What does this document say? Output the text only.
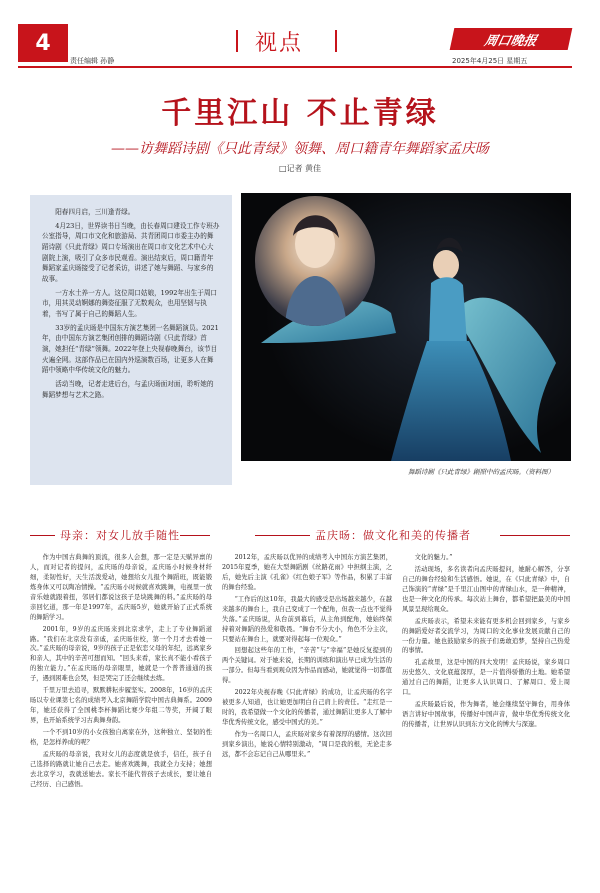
4
责任编辑 孙静
视点	周口晚报
2025年4月25日 星期五
千里江山 不止青绿
——访舞蹈诗剧《只此青绿》领舞、周口籍青年舞蹈家孟庆旸
□记者 黄佳

阳春四月启，三川逢青绿。

4月23日，世界读书日当晚，由长春周口建设工作专班办公室指导，周口市文化和旅游局、共青团周口市委主办的舞蹈诗剧《只此青绿》周口专场演出在周口市文化艺术中心大剧院上演，吸引了众多市民观看。演出结束后，周口籍青年舞蹈家孟庆旸接受了记者采访，讲述了她与舞蹈、与家乡的故事。

一方水土养一方人。这位周口姑娘，1992年出生于周口市，用其灵动婀娜的舞姿征服了无数观众，也用坚韧与执着，书写了属于自己的舞蹈人生。

33岁的孟庆旸是中国东方演艺集团一名舞蹈演员。2021年，由中国东方演艺集团创排的舞蹈诗剧《只此青绿》首演，她担任“青绿”领舞。2022年登上央视春晚舞台，该节目火遍全网。这部作品已在国内外巡演数百场，让更多人在舞蹈中领略中华传统文化的魅力。

活动当晚，记者走进后台，与孟庆旸面对面，聆听她的舞蹈梦想与艺术之路。

舞蹈诗剧《只此青绿》剧照中的孟庆旸。（资料图）
母亲：对女儿放手随性	孟庆旸：做文化和美的传播者

作为中国古典舞的顶流，很多人会想，那一定是天赋异禀的人，而对记者的提问，孟庆旸的母亲说，孟庆旸小时候身材纤细，柔韧性好，天生活泼爱动，她想给女儿报个舞蹈班，既能锻炼身体又可以陶冶情操。“孟庆旸小时候就喜欢跳舞，电视里一放音乐她就跟着扭，邻居们都说这孩子是块跳舞的料。”孟庆旸的母亲回忆道，那一年是1997年，孟庆旸5岁，她就开始了正式系统的舞蹈学习。

2001年，9岁的孟庆旸来到北京求学，走上了专业舞蹈道路。“我们在北京没有亲戚，孟庆旸住校，第一个月才去看她一次。”孟庆旸的母亲说，9岁的孩子正是依恋父母的年纪，远离家乡和亲人，其中的辛苦可想而知。“回头来看，家长真不能小看孩子的独立能力。”在孟庆旸的母亲眼里，她就是一个普普通通的孩子，遇到困难也会哭，但是哭完了还会继续去练。

千里万里去追寻，默默耕耘步履坚实。2008年，16岁的孟庆旸以专业课第七名的成绩考入北京舞蹈学院中国古典舞系。2009年，她还获得了全国桃李杯舞蹈比赛少年组二等奖，开阔了眼界，也开始系统学习古典舞身韵。

一个不到10岁的小女孩独自离家在外，这种独立、坚韧的性格，是怎样养成的呢？

孟庆旸的母亲说，我对女儿的态度就是放手，信任，孩子自己选择的路就让她自己去走。她喜欢跳舞，我就全力支持；她想去北京学习，我就送她去。家长不能代替孩子去成长，要让她自己经历、自己感悟。

2012年，孟庆旸以优异的成绩考入中国东方演艺集团，2015年夏季，她在大型舞蹈剧《丝路花雨》中担纲主演，之后，她先后主演《孔雀》《红色娘子军》等作品，积累了丰富的舞台经验。

“工作后的这10年，我最大的感受是出场越来越少，在越来越多的舞台上，我自己变成了一个配角，但我一点也不觉得失落。”孟庆旸说，从台前到幕后，从主角到配角，她始终保持着对舞蹈的热爱和敬畏。“舞台不分大小，角色不分主次，只要站在舞台上，就要对得起每一位观众。”

回想起这些年的工作，“辛苦”与“幸福”是她反复提到的两个关键词。对于她来说，长期的训练和演出早已成为生活的一部分。但每当看到观众因为作品而感动，她就觉得一切都值得。

2022年央视春晚《只此青绿》的成功，让孟庆旸的名字被更多人知道，也让她更加明白自己肩上的责任。“走红是一时的，我希望做一个文化的传播者，通过舞蹈让更多人了解中华优秀传统文化，感受中国式的美。”

作为一名周口人，孟庆旸对家乡有着深厚的感情。这次回到家乡演出，她说心情特别激动，“周口是我的根，无论走多远，都不会忘记自己从哪里来。”

文化的魅力。”

活动现场，多名读者向孟庆旸提问，她耐心解答，分享自己的舞台经验和生活感悟。她说，在《只此青绿》中，自己饰演的“青绿”是千里江山图中的青绿山水，是一种精神，也是一种文化的传承。每次站上舞台，都希望把最美的中国风景呈现给观众。

孟庆旸表示，希望未来能有更多机会回到家乡，与家乡的舞蹈爱好者交流学习，为周口的文化事业发展贡献自己的一份力量。她也鼓励家乡的孩子们勇敢追梦，坚持自己热爱的事情。

孔孟故里，这是中国的四大发明！孟庆旸说，家乡周口历史悠久、文化底蕴深厚，是一片值得骄傲的土地。她希望通过自己的舞蹈，让更多人认识周口、了解周口、爱上周口。

孟庆旸最后说，作为舞者，她会继续坚守舞台，用身体语言讲好中国故事，传播好中国声音，做中华优秀传统文化的传播者，让世界认识到东方文化的博大与深邃。
